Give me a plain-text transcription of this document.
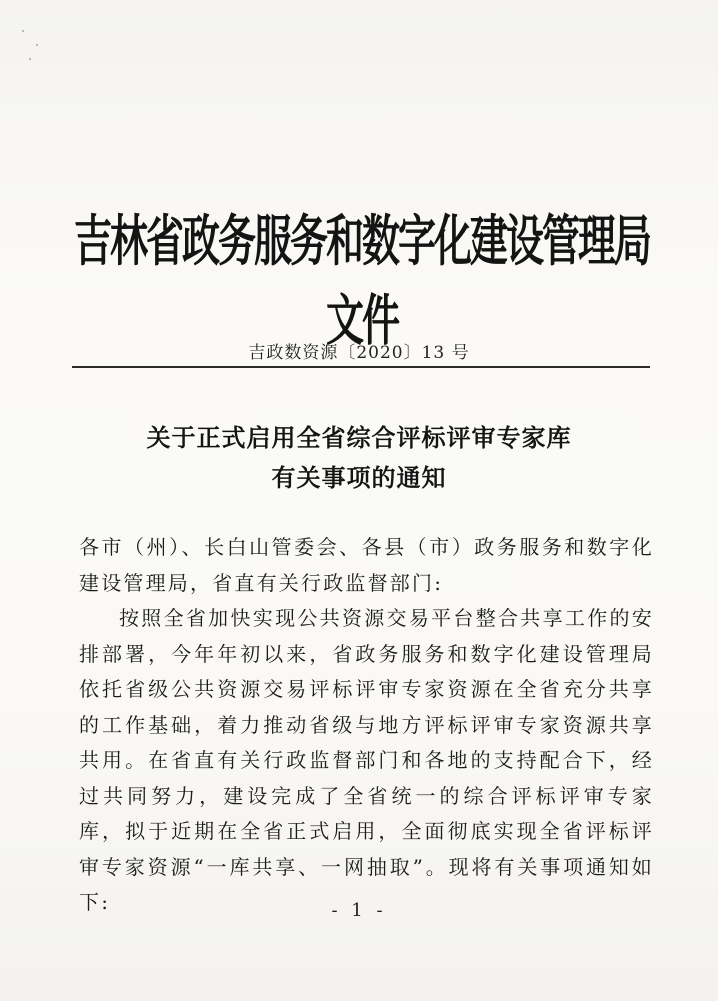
吉林省政务服务和数字化建设管理局文件
吉政数资源〔2020〕13 号
关于正式启用全省综合评标评审专家库
有关事项的通知

各市（州）、长白山管委会、各县（市）政务服务和数字化建设管理局，省直有关行政监督部门:

按照全省加快实现公共资源交易平台整合共享工作的安排部署，今年年初以来，省政务服务和数字化建设管理局依托省级公共资源交易评标评审专家资源在全省充分共享的工作基础，着力推动省级与地方评标评审专家资源共享共用。在省直有关行政监督部门和各地的支持配合下，经过共同努力，建设完成了全省统一的综合评标评审专家库，拟于近期在全省正式启用，全面彻底实现全省评标评审专家资源“一库共享、一网抽取”。现将有关事项通知如下:	- 1 -
